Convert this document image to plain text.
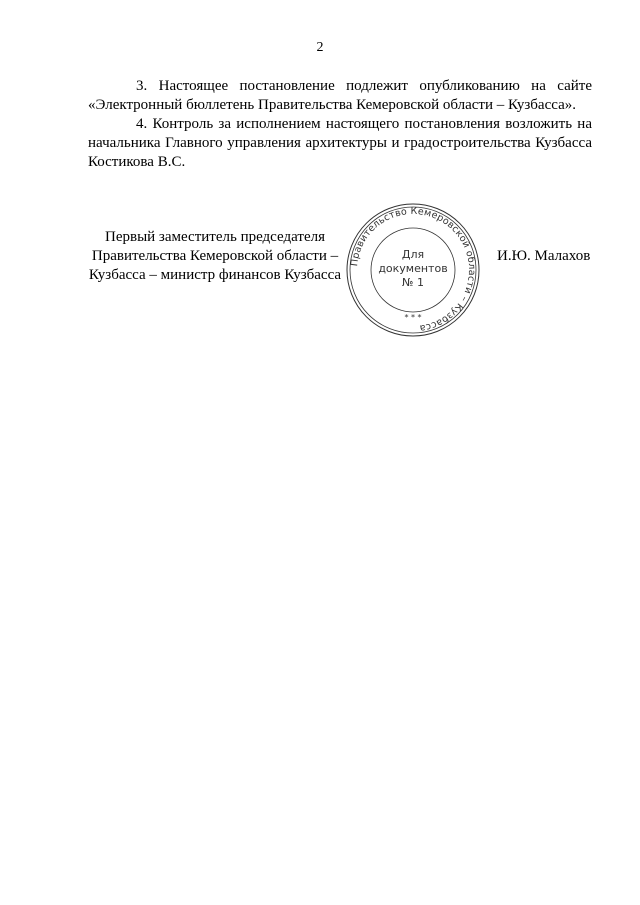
2

3. Настоящее постановление подлежит опубликованию на сайте «Электронный бюллетень Правительства Кемеровской области – Кузбасса».

4. Контроль за исполнением настоящего постановления возложить на начальника Главного управления архитектуры и градостроительства Кузбасса Костикова В.С.

Первый заместитель председателя
Правительства Кемеровской области –
Кузбасса – министр финансов Кузбасса
Правительство Кемеровской области – Кузбасса
Для
документов
№ 1
* * *
И.Ю. Малахов
